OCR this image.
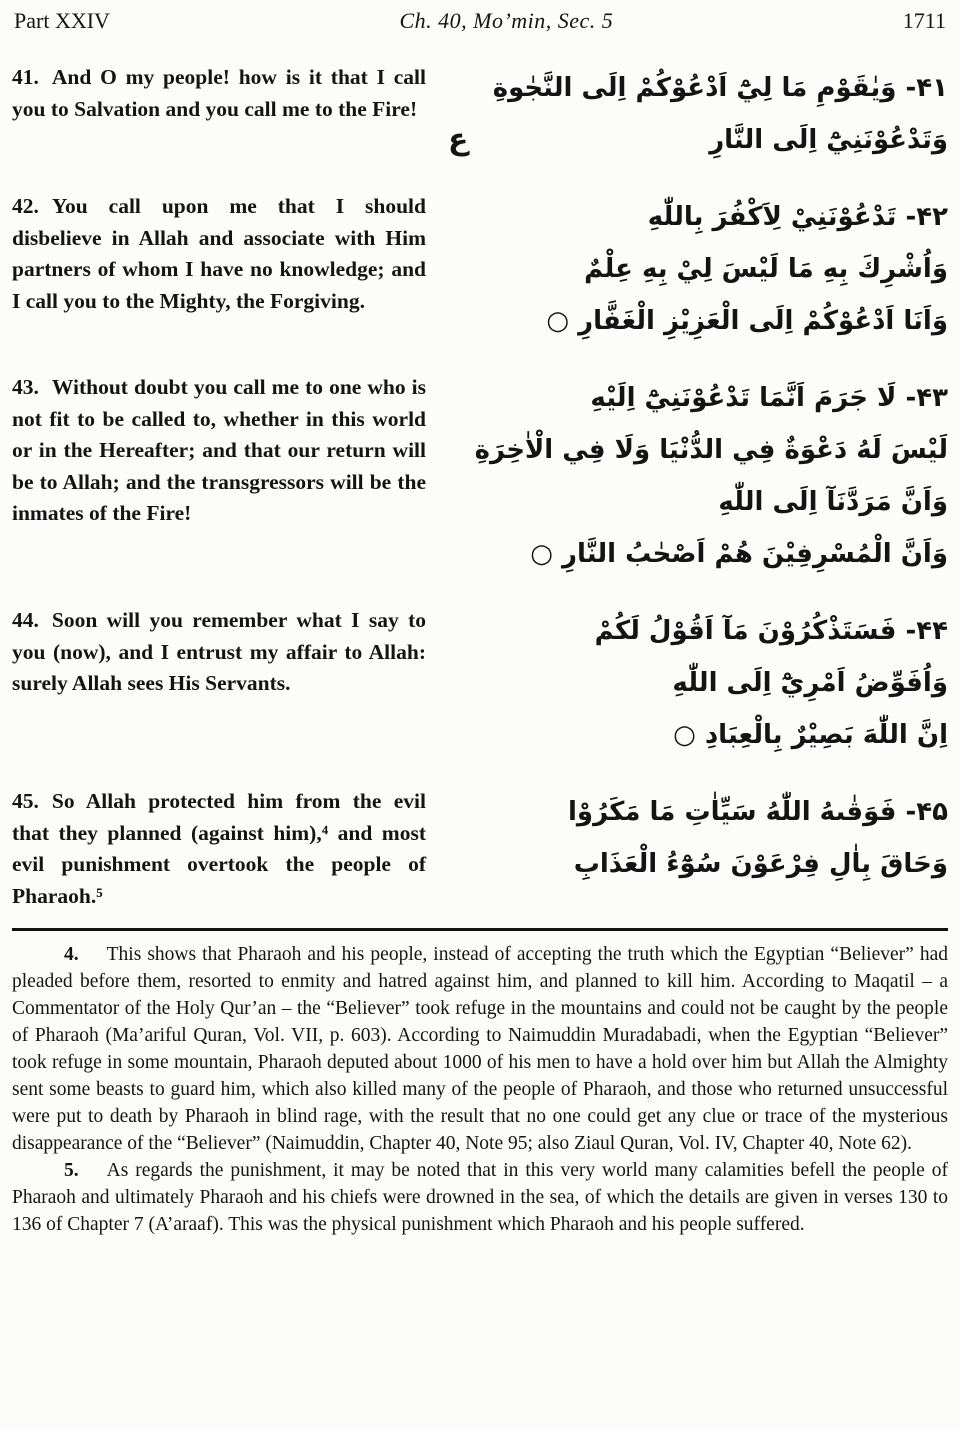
Part XXIV	Ch. 40, Mo’min, Sec. 5	1711

41. And O my people! how is it that I call you to Salvation and you call me to the Fire!

۴۱- وَيٰقَوْمِ مَا لِيْٓ اَدْعُوْكُمْ اِلَى النَّجٰوةِ
وَتَدْعُوْنَنِيْٓ اِلَى النَّارِ
ع

42. You call upon me that I should disbelieve in Allah and associate with Him partners of whom I have no knowledge; and I call you to the Mighty, the Forgiving.

۴۲- تَدْعُوْنَنِيْ لِاَكْفُرَ بِاللّٰهِ
وَاُشْرِكَ بِهِ مَا لَيْسَ لِيْ بِهِ عِلْمٌ
وَاَنَا اَدْعُوْكُمْ اِلَى الْعَزِيْزِ الْغَفَّارِ ○

43. Without doubt you call me to one who is not fit to be called to, whether in this world or in the Hereafter; and that our return will be to Allah; and the transgressors will be the inmates of the Fire!

۴۳- لَا جَرَمَ اَنَّمَا تَدْعُوْنَنِيْٓ اِلَيْهِ
لَيْسَ لَهُ دَعْوَةٌ فِي الدُّنْيَا وَلَا فِي الْاٰخِرَةِ
وَاَنَّ مَرَدَّنَآ اِلَى اللّٰهِ
وَاَنَّ الْمُسْرِفِيْنَ هُمْ اَصْحٰبُ النَّارِ ○

44. Soon will you remember what I say to you (now), and I entrust my affair to Allah: surely Allah sees His Servants.

۴۴- فَسَتَذْكُرُوْنَ مَآ اَقُوْلُ لَكُمْ
وَاُفَوِّضُ اَمْرِيْٓ اِلَى اللّٰهِ
اِنَّ اللّٰهَ بَصِيْرٌ بِالْعِبَادِ ○

45. So Allah protected him from the evil that they planned (against him),⁴ and most evil punishment overtook the people of Pharaoh.⁵

۴۵- فَوَقٰىهُ اللّٰهُ سَيِّاٰتِ مَا مَكَرُوْا
وَحَاقَ بِاٰلِ فِرْعَوْنَ سُوْٓءُ الْعَذَابِ

4. This shows that Pharaoh and his people, instead of accepting the truth which the Egyptian “Believer” had pleaded before them, resorted to enmity and hatred against him, and planned to kill him. According to Maqatil – a Commentator of the Holy Qur’an – the “Believer” took refuge in the mountains and could not be caught by the people of Pharaoh (Ma’ariful Quran, Vol. VII, p. 603). According to Naimuddin Muradabadi, when the Egyptian “Believer” took refuge in some mountain, Pharaoh deputed about 1000 of his men to have a hold over him but Allah the Almighty sent some beasts to guard him, which also killed many of the people of Pharaoh, and those who returned unsuccessful were put to death by Pharaoh in blind rage, with the result that no one could get any clue or trace of the mysterious disappearance of the “Believer” (Naimuddin, Chapter 40, Note 95; also Ziaul Quran, Vol. IV, Chapter 40, Note 62).

5. As regards the punishment, it may be noted that in this very world many calamities befell the people of Pharaoh and ultimately Pharaoh and his chiefs were drowned in the sea, of which the details are given in verses 130 to 136 of Chapter 7 (A’araaf). This was the physical punishment which Pharaoh and his people suffered.
